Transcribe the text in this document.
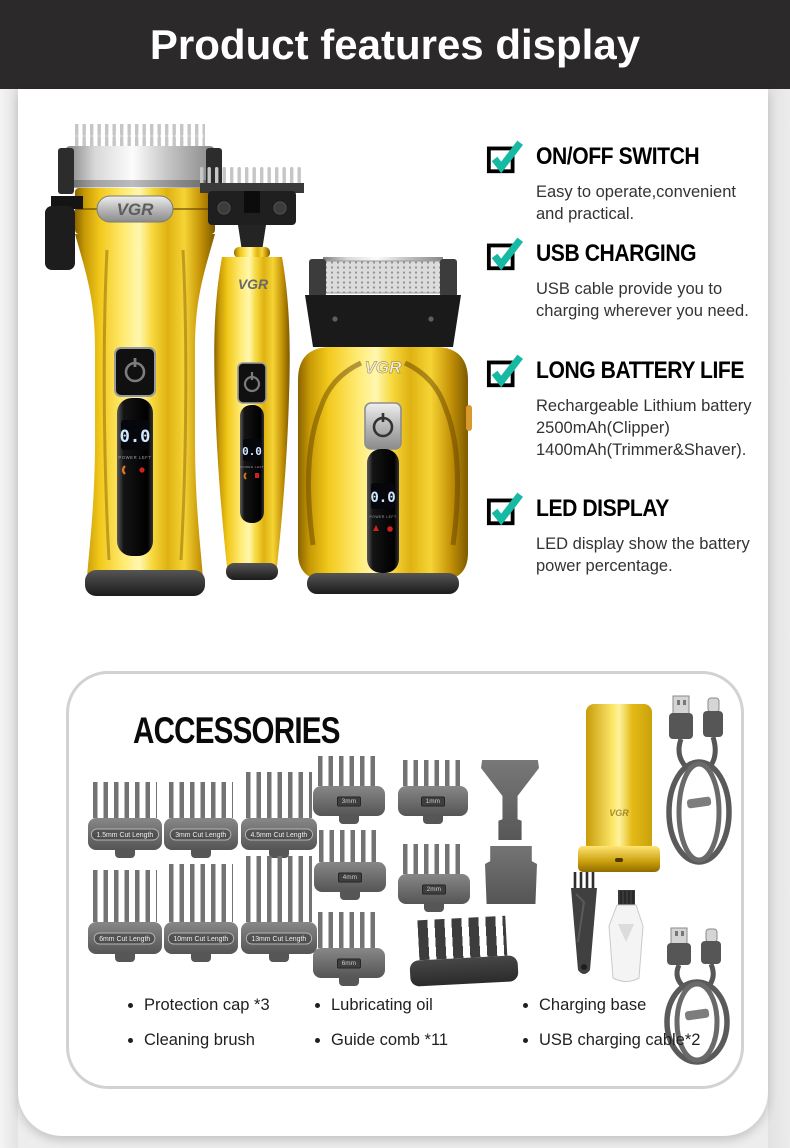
Product features display
VGR
0.0
POWER LEFT
VGR
0.0
POWER LEFT
VGR
0.0
POWER LEFT
ON/OFF SWITCH

Easy to operate,convenient and practical.

USB CHARGING

USB cable provide you to charging wherever you need.

LONG BATTERY LIFE

Rechargeable Lithium battery 2500mAh(Clipper) 1400mAh(Trimmer&Shaver).

LED DISPLAY

LED display show the battery power percentage.

ACCESSORIES
1.5mm Cut Length	3mm Cut Length	4.5mm Cut Length
6mm Cut Length	10mm Cut Length	13mm Cut Length
3mm	1mm
4mm
2mm
6mm
VGR
Protection cap *3
Cleaning brush
Lubricating oil
Guide comb *11
Charging base
USB charging cable*2
